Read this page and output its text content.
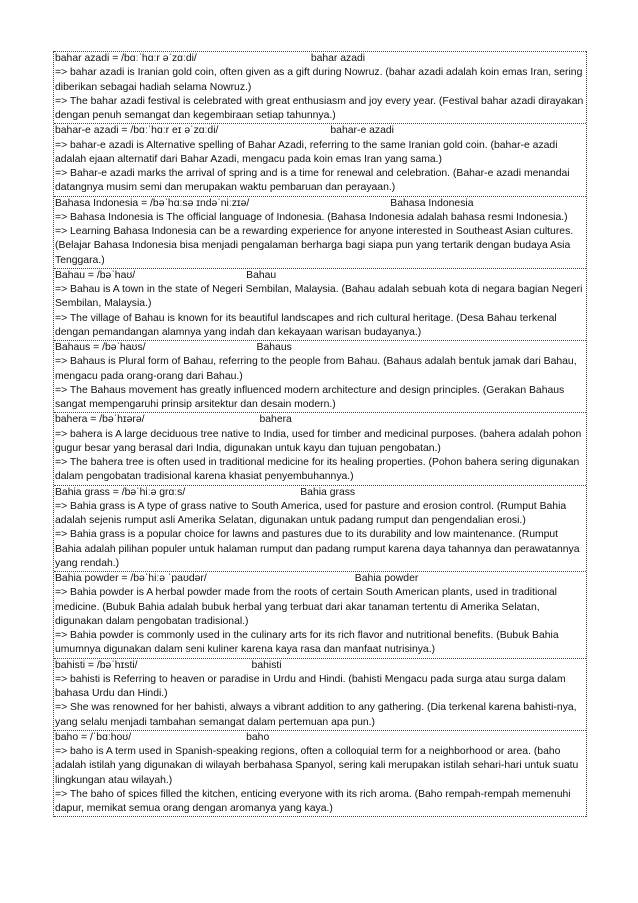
bahar azadi = /bɑːˈhɑːr əˈzɑːdi/	bahar azadi
=> bahar azadi is Iranian gold coin, often given as a gift during Nowruz. (bahar azadi adalah koin emas Iran, sering diberikan sebagai hadiah selama Nowruz.)
=> The bahar azadi festival is celebrated with great enthusiasm and joy every year. (Festival bahar azadi dirayakan dengan penuh semangat dan kegembiraan setiap tahunnya.)
bahar-e azadi = /bɑːˈhɑːr eɪ əˈzɑːdi/	bahar-e azadi
=> bahar-e azadi is Alternative spelling of Bahar Azadi, referring to the same Iranian gold coin. (bahar-e azadi adalah ejaan alternatif dari Bahar Azadi, mengacu pada koin emas Iran yang sama.)
=> Bahar-e azadi marks the arrival of spring and is a time for renewal and celebration. (Bahar-e azadi menandai datangnya musim semi dan merupakan waktu pembaruan dan perayaan.)
Bahasa Indonesia = /bəˈhɑːsə ɪndəˈniːzɪə/	Bahasa Indonesia
=> Bahasa Indonesia is The official language of Indonesia. (Bahasa Indonesia adalah bahasa resmi Indonesia.)
=> Learning Bahasa Indonesia can be a rewarding experience for anyone interested in Southeast Asian cultures. (Belajar Bahasa Indonesia bisa menjadi pengalaman berharga bagi siapa pun yang tertarik dengan budaya Asia Tenggara.)
Bahau = /bəˈhaʊ/	Bahau
=> Bahau is A town in the state of Negeri Sembilan, Malaysia. (Bahau adalah sebuah kota di negara bagian Negeri Sembilan, Malaysia.)
=> The village of Bahau is known for its beautiful landscapes and rich cultural heritage. (Desa Bahau terkenal dengan pemandangan alamnya yang indah dan kekayaan warisan budayanya.)
Bahaus = /bəˈhaʊs/	Bahaus
=> Bahaus is Plural form of Bahau, referring to the people from Bahau. (Bahaus adalah bentuk jamak dari Bahau, mengacu pada orang-orang dari Bahau.)
=> The Bahaus movement has greatly influenced modern architecture and design principles. (Gerakan Bahaus sangat mempengaruhi prinsip arsitektur dan desain modern.)
bahera = /bəˈhɪərə/	bahera
=> bahera is A large deciduous tree native to India, used for timber and medicinal purposes. (bahera adalah pohon gugur besar yang berasal dari India, digunakan untuk kayu dan tujuan pengobatan.)
=> The bahera tree is often used in traditional medicine for its healing properties. (Pohon bahera sering digunakan dalam pengobatan tradisional karena khasiat penyembuhannya.)
Bahia grass = /bəˈhiːə grɑːs/	Bahia grass
=> Bahia grass is A type of grass native to South America, used for pasture and erosion control. (Rumput Bahia adalah sejenis rumput asli Amerika Selatan, digunakan untuk padang rumput dan pengendalian erosi.)
=> Bahia grass is a popular choice for lawns and pastures due to its durability and low maintenance. (Rumput Bahia adalah pilihan populer untuk halaman rumput dan padang rumput karena daya tahannya dan perawatannya yang rendah.)
Bahia powder = /bəˈhiːə ˈpaʊdər/	Bahia powder
=> Bahia powder is A herbal powder made from the roots of certain South American plants, used in traditional medicine. (Bubuk Bahia adalah bubuk herbal yang terbuat dari akar tanaman tertentu di Amerika Selatan, digunakan dalam pengobatan tradisional.)
=> Bahia powder is commonly used in the culinary arts for its rich flavor and nutritional benefits. (Bubuk Bahia umumnya digunakan dalam seni kuliner karena kaya rasa dan manfaat nutrisinya.)
bahisti = /bəˈhɪsti/	bahisti
=> bahisti is Referring to heaven or paradise in Urdu and Hindi. (bahisti Mengacu pada surga atau surga dalam bahasa Urdu dan Hindi.)
=> She was renowned for her bahisti, always a vibrant addition to any gathering. (Dia terkenal karena bahisti-nya, yang selalu menjadi tambahan semangat dalam pertemuan apa pun.)
baho = /ˈbɑːhoʊ/	baho
=> baho is A term used in Spanish-speaking regions, often a colloquial term for a neighborhood or area. (baho adalah istilah yang digunakan di wilayah berbahasa Spanyol, sering kali merupakan istilah sehari-hari untuk suatu lingkungan atau wilayah.)
=> The baho of spices filled the kitchen, enticing everyone with its rich aroma. (Baho rempah-rempah memenuhi dapur, memikat semua orang dengan aromanya yang kaya.)
